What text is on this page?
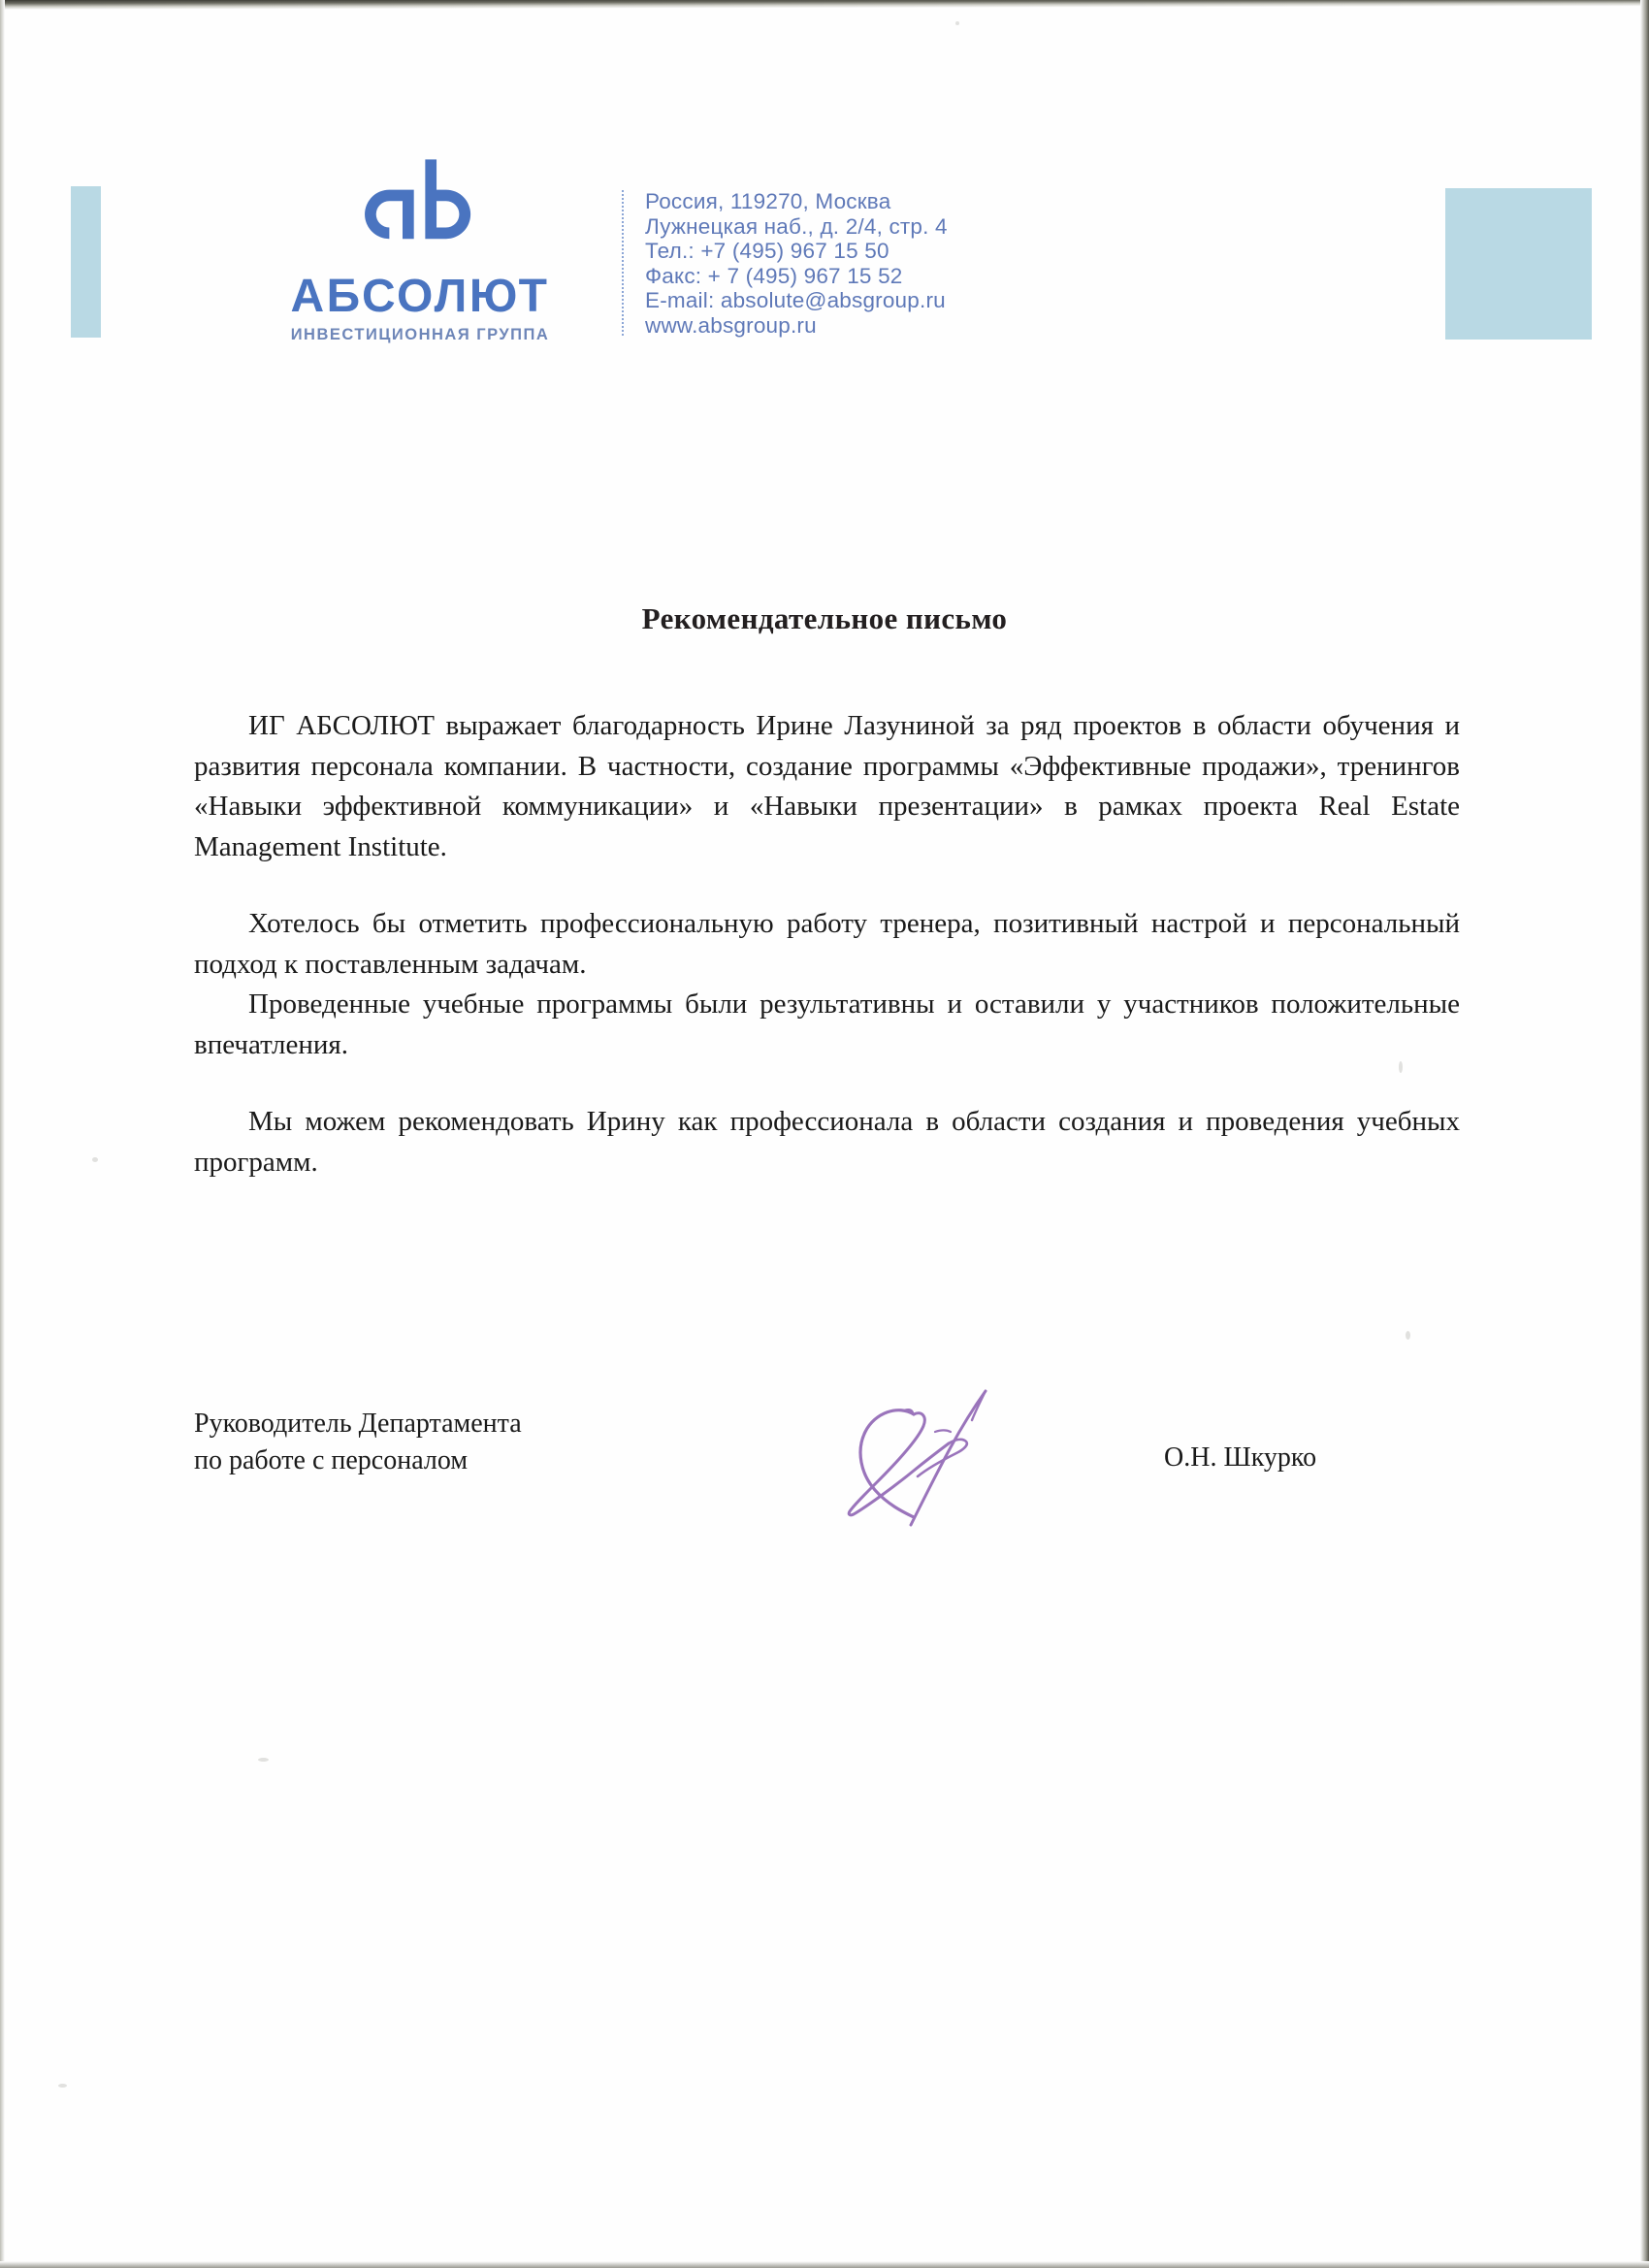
АБСОЛЮТ
ИНВЕСТИЦИОННАЯ ГРУППА
Россия, 119270, Москва
Лужнецкая наб., д. 2/4, стр. 4
Тел.: +7 (495) 967 15 50
Факс: + 7 (495) 967 15 52
E-mail: absolute@absgroup.ru
www.absgroup.ru
Рекомендательное письмо

ИГ АБСОЛЮТ выражает благодарность Ирине Лазуниной за ряд проектов в области обучения и развития персонала компании. В частности, создание программы «Эффективные продажи», тренингов «Навыки эффективной коммуникации» и «Навыки презентации» в рамках проекта Real Estate Management Institute.

Хотелось бы отметить профессиональную работу тренера, позитивный настрой и персональный подход к поставленным задачам.

Проведенные учебные программы были результативны и оставили у участников положительные впечатления.

Мы можем рекомендовать Ирину как профессионала в области создания и проведения учебных программ.

Руководитель Департамента
по работе с персоналом	О.Н. Шкурко
